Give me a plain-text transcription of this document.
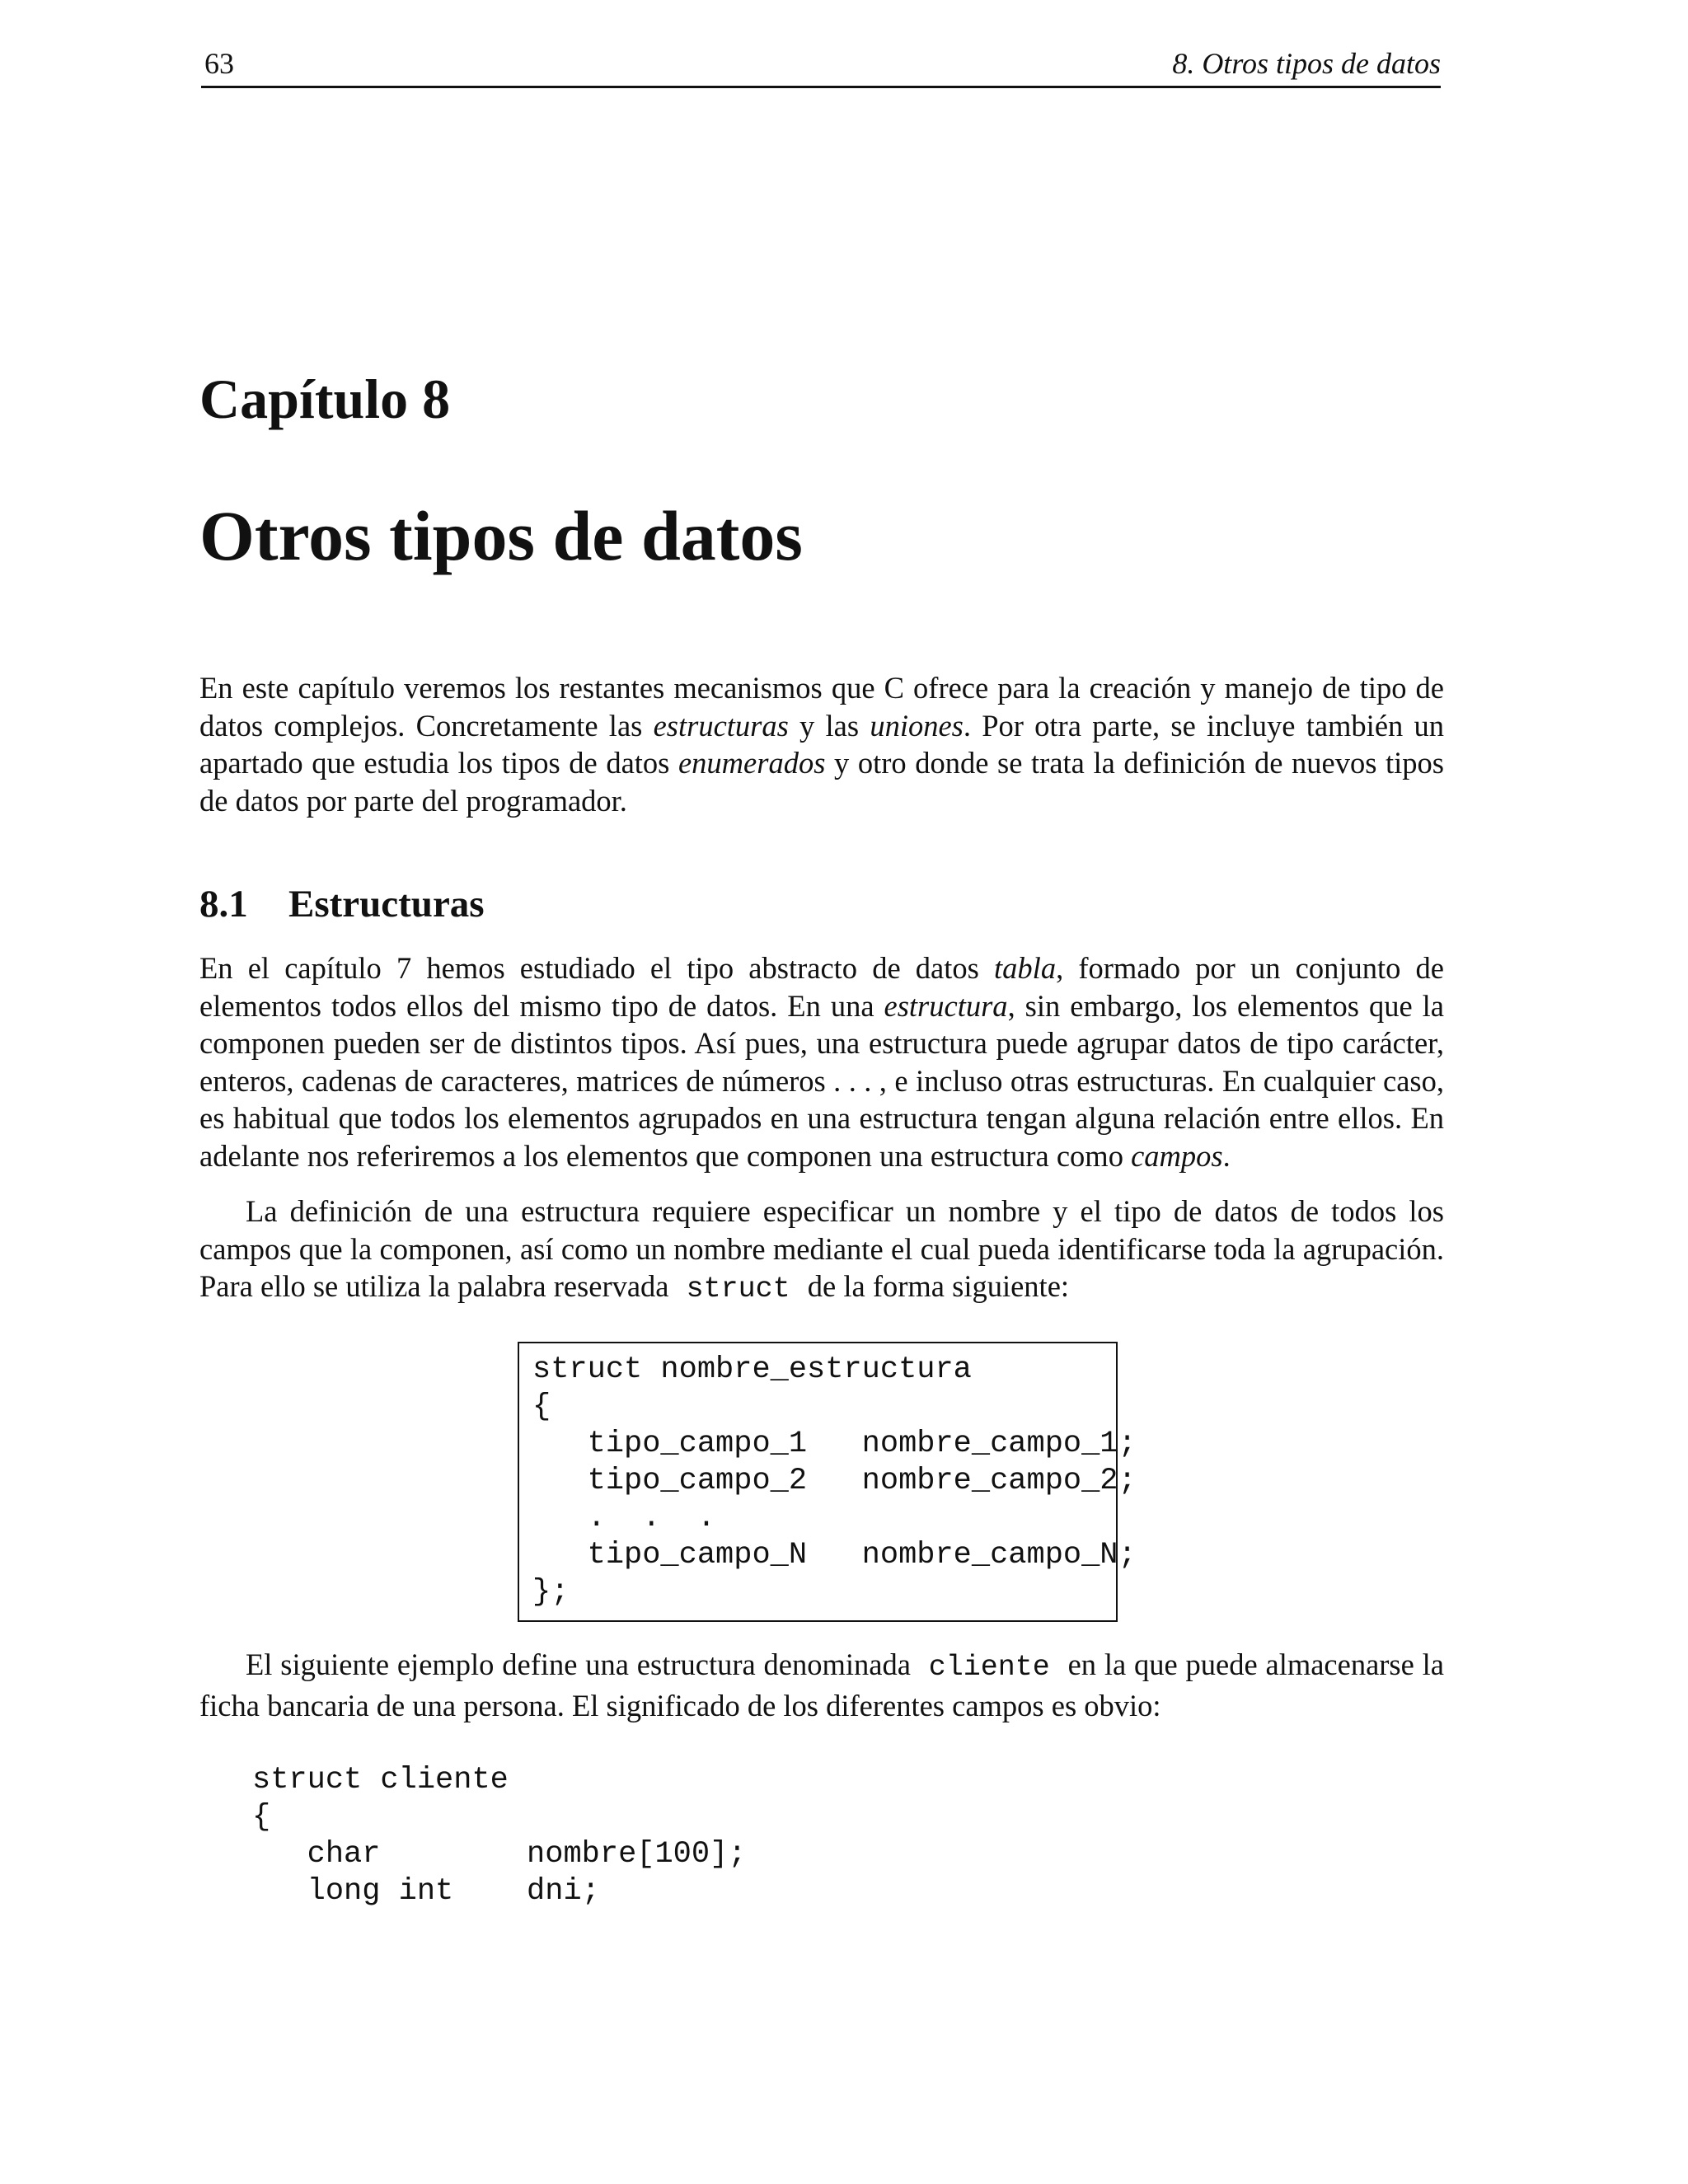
63	8. Otros tipos de datos
Capítulo 8
Otros tipos de datos
En este capítulo veremos los restantes mecanismos que C ofrece para la creación y manejo de tipo de datos complejos. Concretamente las estructuras y las uniones. Por otra parte, se incluye también un apartado que estudia los tipos de datos enumerados y otro donde se trata la definición de nuevos tipos de datos por parte del programador.
8.1 Estructuras
En el capítulo 7 hemos estudiado el tipo abstracto de datos tabla, formado por un conjunto de elementos todos ellos del mismo tipo de datos. En una estructura, sin embargo, los elementos que la componen pueden ser de distintos tipos. Así pues, una estructura puede agrupar datos de tipo carácter, enteros, cadenas de caracteres, matrices de números . . . , e incluso otras estructuras. En cualquier caso, es habitual que todos los elementos agrupados en una estructura tengan alguna relación entre ellos. En adelante nos referiremos a los elementos que componen una estructura como campos.
La definición de una estructura requiere especificar un nombre y el tipo de datos de todos los campos que la componen, así como un nombre mediante el cual pueda identificarse toda la agrupación. Para ello se utiliza la palabra reservada struct de la forma siguiente:
struct nombre_estructura
{
tipo_campo_1   nombre_campo_1;
tipo_campo_2   nombre_campo_2;
.  .  .
tipo_campo_N   nombre_campo_N;
};
El siguiente ejemplo define una estructura denominada cliente en la que puede almacenarse la ficha bancaria de una persona. El significado de los diferentes campos es obvio:
struct cliente
{
char        nombre[100];
long int    dni;
